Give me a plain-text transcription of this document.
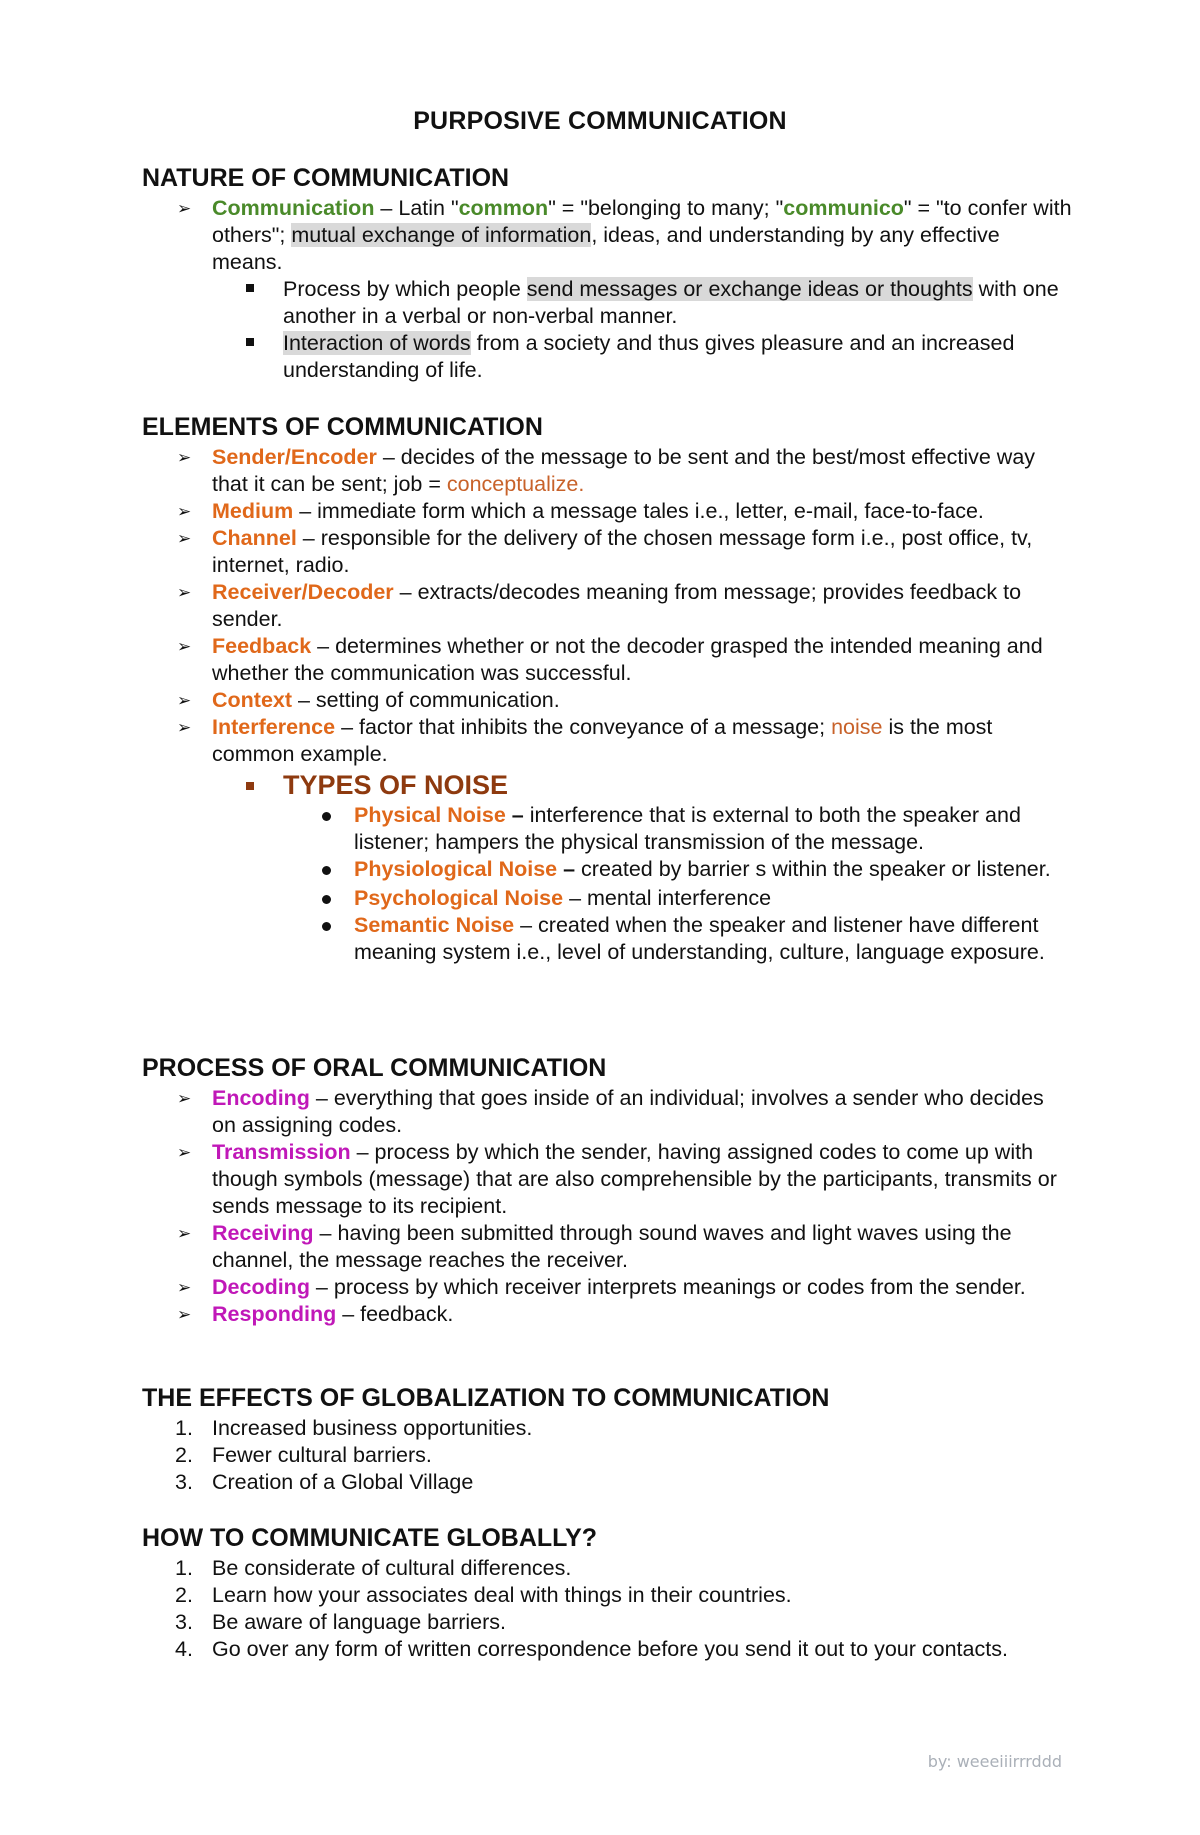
PURPOSIVE COMMUNICATION
NATURE OF COMMUNICATION
➢ Communication – Latin "common" = "belonging to many; "communico" = "to confer with others"; mutual exchange of information, ideas, and understanding by any effective means.
Process by which people send messages or exchange ideas or thoughts with one another in a verbal or non-verbal manner.
Interaction of words from a society and thus gives pleasure and an increased understanding of life.
ELEMENTS OF COMMUNICATION
➢ Sender/Encoder – decides of the message to be sent and the best/most effective way that it can be sent; job = conceptualize.
➢ Medium – immediate form which a message tales i.e., letter, e-mail, face-to-face.
➢ Channel – responsible for the delivery of the chosen message form i.e., post office, tv, internet, radio.
➢ Receiver/Decoder – extracts/decodes meaning from message; provides feedback to sender.
➢ Feedback – determines whether or not the decoder grasped the intended meaning and whether the communication was successful.
➢ Context – setting of communication.
➢ Interference – factor that inhibits the conveyance of a message; noise is the most common example.
TYPES OF NOISE
Physical Noise – interference that is external to both the speaker and listener; hampers the physical transmission of the message.
Physiological Noise – created by barrier s within the speaker or listener.
Psychological Noise – mental interference
Semantic Noise – created when the speaker and listener have different meaning system i.e., level of understanding, culture, language exposure.
PROCESS OF ORAL COMMUNICATION
➢ Encoding – everything that goes inside of an individual; involves a sender who decides on assigning codes.
➢ Transmission – process by which the sender, having assigned codes to come up with though symbols (message) that are also comprehensible by the participants, transmits or sends message to its recipient.
➢ Receiving – having been submitted through sound waves and light waves using the channel, the message reaches the receiver.
➢ Decoding – process by which receiver interprets meanings or codes from the sender.
➢ Responding – feedback.
THE EFFECTS OF GLOBALIZATION TO COMMUNICATION
1. Increased business opportunities.
2. Fewer cultural barriers.
3. Creation of a Global Village
HOW TO COMMUNICATE GLOBALLY?
1. Be considerate of cultural differences.
2. Learn how your associates deal with things in their countries.
3. Be aware of language barriers.
4. Go over any form of written correspondence before you send it out to your contacts.
by: weeeiiirrrddd
